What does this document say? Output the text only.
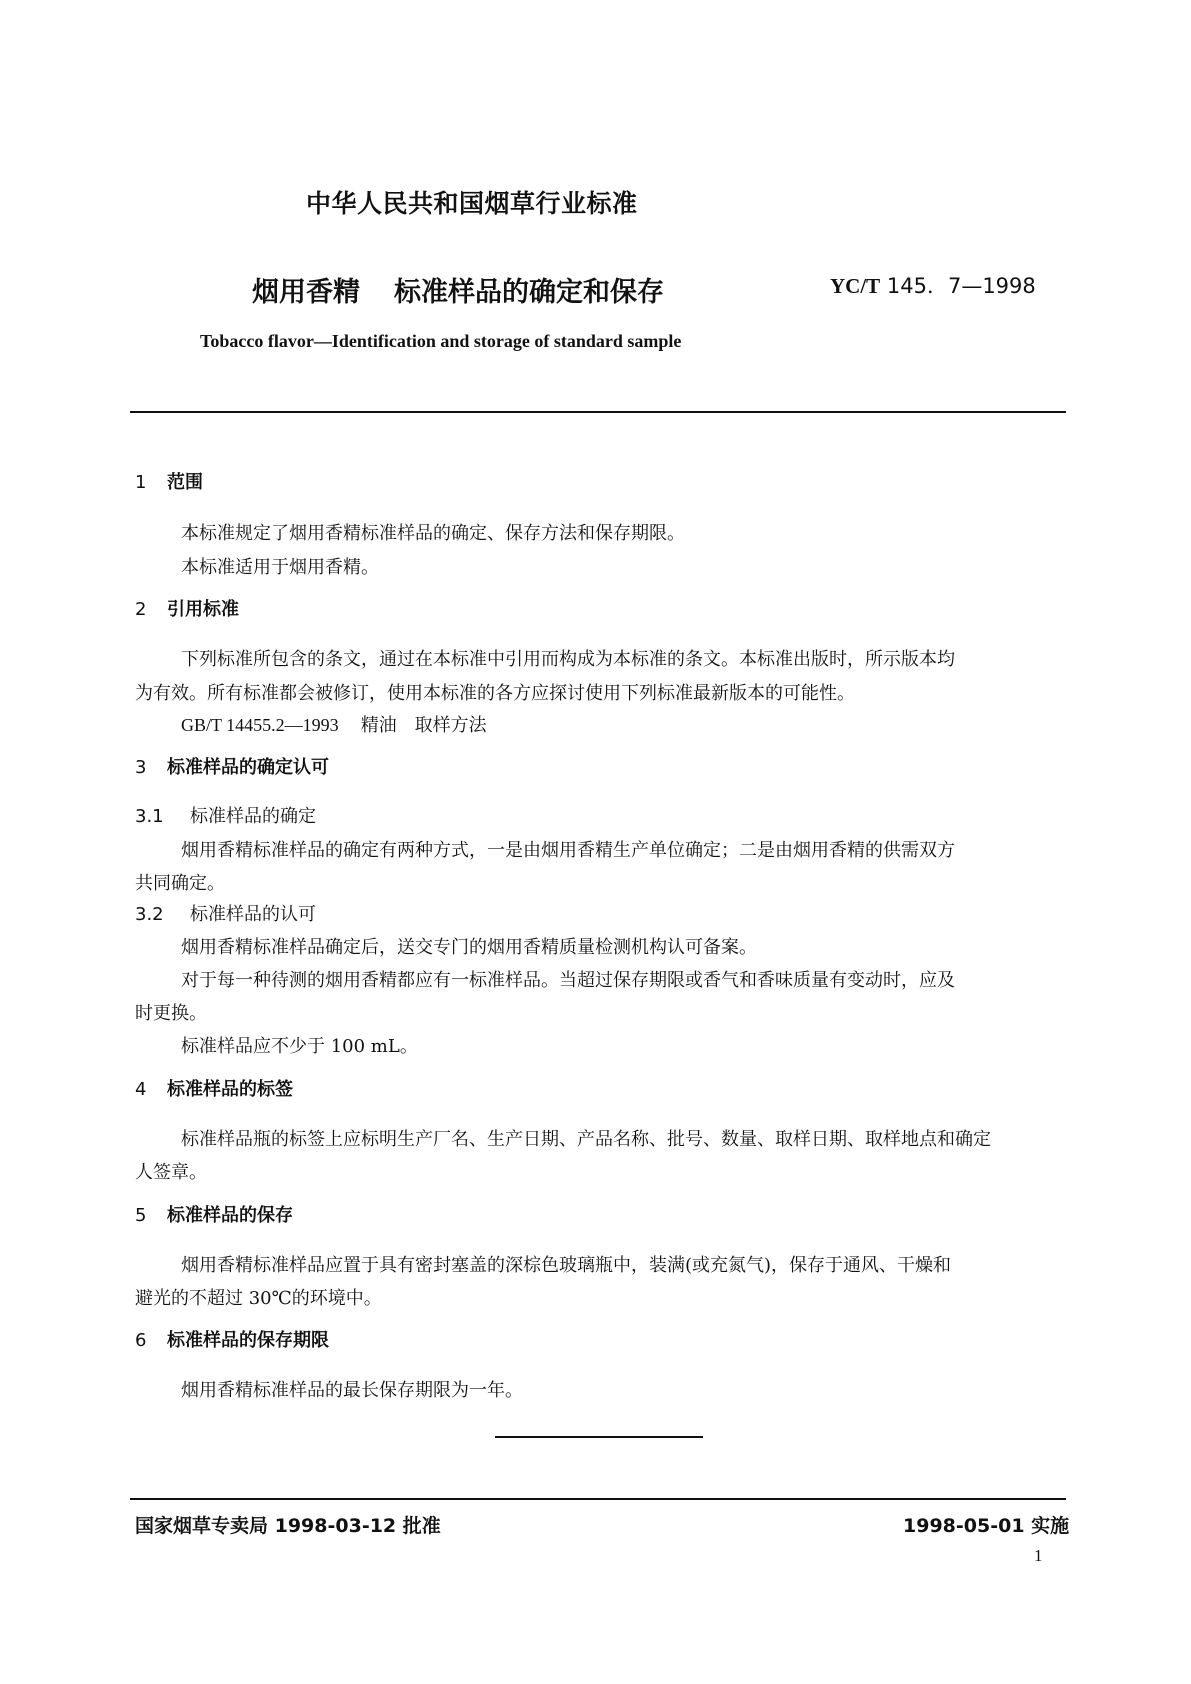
中华人民共和国烟草行业标准
烟用香精 标准样品的确定和保存	YC/T 145．7—1998
Tobacco flavor—Identification and storage of standard sample
1 范围
本标准规定了烟用香精标准样品的确定、保存方法和保存期限。
本标准适用于烟用香精。
2 引用标准
下列标准所包含的条文，通过在本标准中引用而构成为本标准的条文。本标准出版时，所示版本均
为有效。所有标准都会被修订，使用本标准的各方应探讨使用下列标准最新版本的可能性。
GB/T 14455.2—1993 精油　取样方法
3 标准样品的确定认可
3.1 标准样品的确定
烟用香精标准样品的确定有两种方式，一是由烟用香精生产单位确定；二是由烟用香精的供需双方
共同确定。
3.2 标准样品的认可
烟用香精标准样品确定后，送交专门的烟用香精质量检测机构认可备案。
对于每一种待测的烟用香精都应有一标准样品。当超过保存期限或香气和香味质量有变动时，应及
时更换。
标准样品应不少于 100 mL。
4 标准样品的标签
标准样品瓶的标签上应标明生产厂名、生产日期、产品名称、批号、数量、取样日期、取样地点和确定
人签章。
5 标准样品的保存
烟用香精标准样品应置于具有密封塞盖的深棕色玻璃瓶中，装满(或充氮气)，保存于通风、干燥和
避光的不超过 30℃的环境中。
6 标准样品的保存期限
烟用香精标准样品的最长保存期限为一年。
国家烟草专卖局 1998-03-12 批准	1998-05-01 实施
1
